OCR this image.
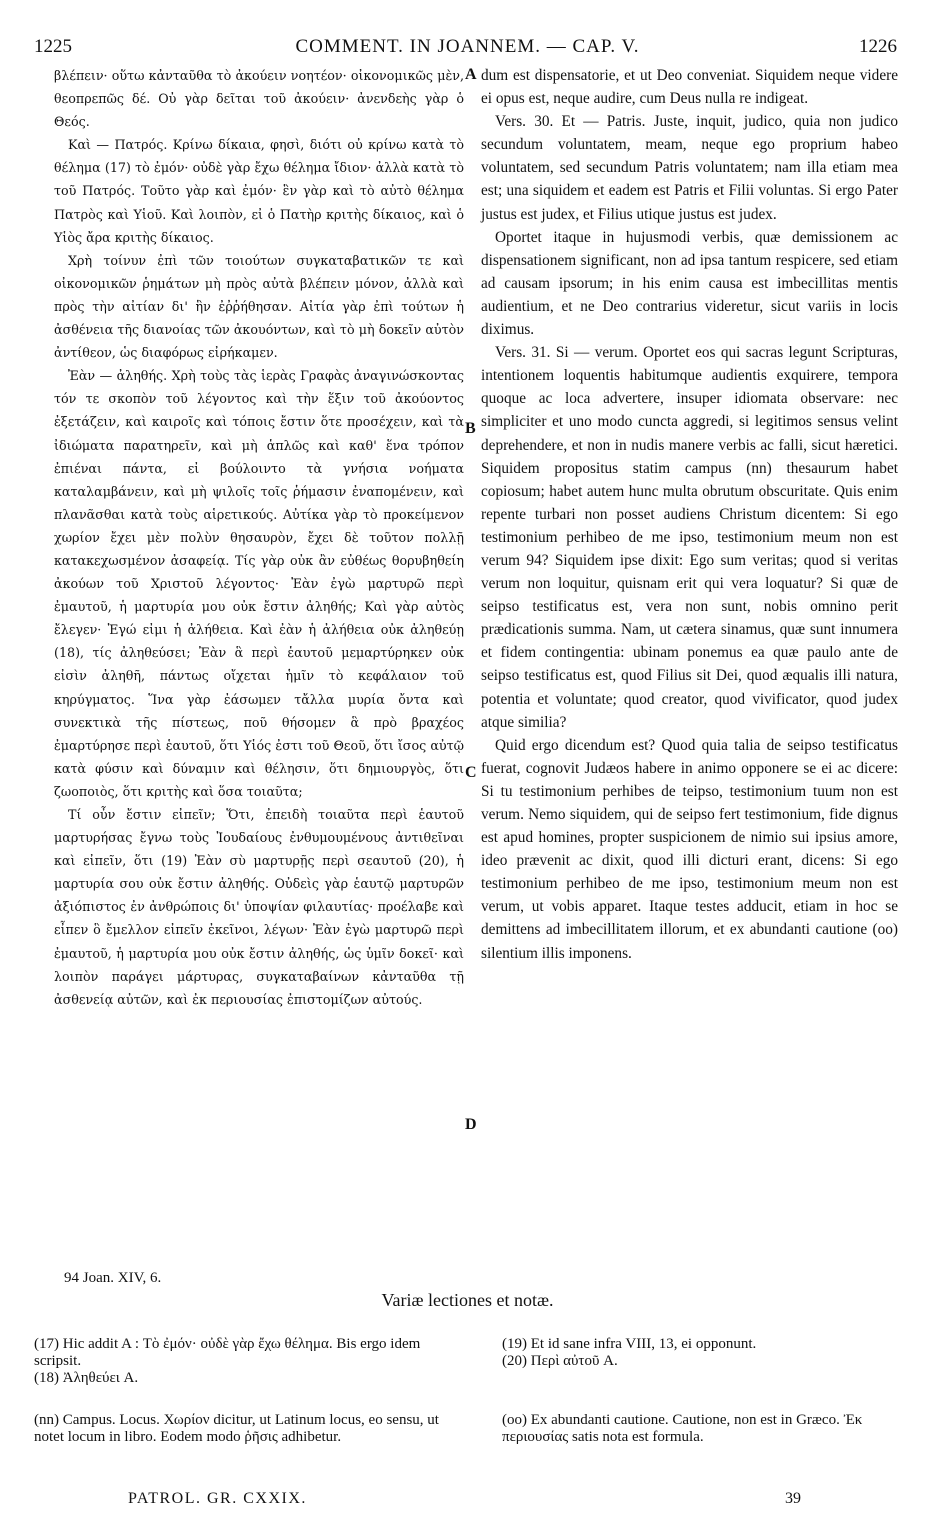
1225	COMMENT. IN JOANNEM. — CAP. V.	1226

βλέπειν· οὕτω κἀνταῦθα τὸ ἀκούειν νοητέον· οἰκονομικῶς μὲν, θεοπρεπῶς δέ. Οὐ γὰρ δεῖται τοῦ ἀκούειν· ἀνενδεὴς γὰρ ὁ Θεός.

Καὶ — Πατρός. Κρίνω δίκαια, φησὶ, διότι οὐ κρίνω κατὰ τὸ θέλημα (17) τὸ ἐμόν· οὐδὲ γὰρ ἔχω θέλημα ἴδιον· ἀλλὰ κατὰ τὸ τοῦ Πατρός. Τοῦτο γὰρ καὶ ἐμόν· ἓν γὰρ καὶ τὸ αὐτὸ θέλημα Πατρὸς καὶ Υἱοῦ. Καὶ λοιπὸν, εἰ ὁ Πατὴρ κριτὴς δίκαιος, καὶ ὁ Υἱὸς ἄρα κριτὴς δίκαιος.

Χρὴ τοίνυν ἐπὶ τῶν τοιούτων συγκαταβατικῶν τε καὶ οἰκονομικῶν ῥημάτων μὴ πρὸς αὐτὰ βλέπειν μόνον, ἀλλὰ καὶ πρὸς τὴν αἰτίαν δι' ἣν ἐῤῥήθησαν. Αἰτία γὰρ ἐπὶ τούτων ἡ ἀσθένεια τῆς διανοίας τῶν ἀκουόντων, καὶ τὸ μὴ δοκεῖν αὐτὸν ἀντίθεον, ὡς διαφόρως εἰρήκαμεν.

Ἐὰν — ἀληθής. Χρὴ τοὺς τὰς ἱερὰς Γραφὰς ἀναγινώσκοντας τόν τε σκοπὸν τοῦ λέγοντος καὶ τὴν ἕξιν τοῦ ἀκούοντος ἐξετάζειν, καὶ καιροῖς καὶ τόποις ἔστιν ὅτε προσέχειν, καὶ τὰ ἰδιώματα παρατηρεῖν, καὶ μὴ ἁπλῶς καὶ καθ' ἕνα τρόπον ἐπιέναι πάντα, εἰ βούλοιντο τὰ γνήσια νοήματα καταλαμβάνειν, καὶ μὴ ψιλοῖς τοῖς ῥήμασιν ἐναπομένειν, καὶ πλανᾶσθαι κατὰ τοὺς αἱρετικούς. Αὐτίκα γὰρ τὸ προκείμενον χωρίον ἔχει μὲν πολὺν θησαυρὸν, ἔχει δὲ τοῦτον πολλῇ κατακεχωσμένον ἀσαφείᾳ. Τίς γὰρ οὐκ ἂν εὐθέως θορυβηθείη ἀκούων τοῦ Χριστοῦ λέγοντος· Ἐὰν ἐγὼ μαρτυρῶ περὶ ἐμαυτοῦ, ἡ μαρτυρία μου οὐκ ἔστιν ἀληθής; Καὶ γὰρ αὐτὸς ἔλεγεν· Ἐγώ εἰμι ἡ ἀλήθεια. Καὶ ἐὰν ἡ ἀλήθεια οὐκ ἀληθεύῃ (18), τίς ἀληθεύσει; Ἐὰν ἃ περὶ ἑαυτοῦ μεμαρτύρηκεν οὐκ εἰσὶν ἀληθῆ, πάντως οἴχεται ἡμῖν τὸ κεφάλαιον τοῦ κηρύγματος. Ἵνα γὰρ ἐάσωμεν τἄλλα μυρία ὄντα καὶ συνεκτικὰ τῆς πίστεως, ποῦ θήσομεν ἃ πρὸ βραχέος ἐμαρτύρησε περὶ ἑαυτοῦ, ὅτι Υἱός ἐστι τοῦ Θεοῦ, ὅτι ἴσος αὐτῷ κατὰ φύσιν καὶ δύναμιν καὶ θέλησιν, ὅτι δημιουργὸς, ὅτι ζωοποιὸς, ὅτι κριτὴς καὶ ὅσα τοιαῦτα;

Τί οὖν ἔστιν εἰπεῖν; Ὅτι, ἐπειδὴ τοιαῦτα περὶ ἑαυτοῦ μαρτυρήσας ἔγνω τοὺς Ἰουδαίους ἐνθυμουμένους ἀντιθεῖναι καὶ εἰπεῖν, ὅτι (19) Ἐὰν σὺ μαρτυρῇς περὶ σεαυτοῦ (20), ἡ μαρτυρία σου οὐκ ἔστιν ἀληθής. Οὐδεὶς γὰρ ἑαυτῷ μαρτυρῶν ἀξιόπιστος ἐν ἀνθρώποις δι' ὑποψίαν φιλαυτίας· προέλαβε καὶ εἶπεν ὃ ἔμελλον εἰπεῖν ἐκεῖνοι, λέγων· Ἐὰν ἐγὼ μαρτυρῶ περὶ ἐμαυτοῦ, ἡ μαρτυρία μου οὐκ ἔστιν ἀληθής, ὡς ὑμῖν δοκεῖ· καὶ λοιπὸν παράγει μάρτυρας, συγκαταβαίνων κἀνταῦθα τῇ ἀσθενείᾳ αὐτῶν, καὶ ἐκ περιουσίας ἐπιστομίζων αὐτούς.

A
B
C
D

dum est dispensatorie, et ut Deo conveniat. Siquidem neque videre ei opus est, neque audire, cum Deus nulla re indigeat.

Vers. 30. Et — Patris. Juste, inquit, judico, quia non judico secundum voluntatem, meam, neque ego proprium habeo voluntatem, sed secundum Patris voluntatem; nam illa etiam mea est; una siquidem et eadem est Patris et Filii voluntas. Si ergo Pater justus est judex, et Filius utique justus est judex.

Oportet itaque in hujusmodi verbis, quæ demissionem ac dispensationem significant, non ad ipsa tantum respicere, sed etiam ad causam ipsorum; in his enim causa est imbecillitas mentis audientium, et ne Deo contrarius videretur, sicut variis in locis diximus.

Vers. 31. Si — verum. Oportet eos qui sacras legunt Scripturas, intentionem loquentis habitumque audientis exquirere, tempora quoque ac loca advertere, insuper idiomata observare: nec simpliciter et uno modo cuncta aggredi, si legitimos sensus velint deprehendere, et non in nudis manere verbis ac falli, sicut hæretici. Siquidem propositus statim campus (nn) thesaurum habet copiosum; habet autem hunc multa obrutum obscuritate. Quis enim repente turbari non posset audiens Christum dicentem: Si ego testimonium perhibeo de me ipso, testimonium meum non est verum 94? Siquidem ipse dixit: Ego sum veritas; quod si veritas verum non loquitur, quisnam erit qui vera loquatur? Si quæ de seipso testificatus est, vera non sunt, nobis omnino perit prædicationis summa. Nam, ut cætera sinamus, quæ sunt innumera et fidem contingentia: ubinam ponemus ea quæ paulo ante de seipso testificatus est, quod Filius sit Dei, quod æqualis illi natura, potentia et voluntate; quod creator, quod vivificator, quod judex atque similia?

Quid ergo dicendum est? Quod quia talia de seipso testificatus fuerat, cognovit Judæos habere in animo opponere se ei ac dicere: Si tu testimonium perhibes de teipso, testimonium tuum non est verum. Nemo siquidem, qui de seipso fert testimonium, fide dignus est apud homines, propter suspicionem de nimio sui ipsius amore, ideo prævenit ac dixit, quod illi dicturi erant, dicens: Si ego testimonium perhibeo de me ipso, testimonium meum non est verum, ut vobis apparet. Itaque testes adducit, etiam in hoc se demittens ad imbecillitatem illorum, et ex abundanti cautione (oo) silentium illis imponens.

94 Joan. XIV, 6.
Variæ lectiones et notæ.

(17) Hic addit A : Τὸ ἐμόν· οὐδὲ γὰρ ἔχω θέλημα. Bis ergo idem scripsit.

(18) Ἀληθεύει A.

(19) Et id sane infra VIII, 13, ei opponunt.

(20) Περὶ αὐτοῦ A.

(nn) Campus. Locus. Χωρίον dicitur, ut Latinum locus, eo sensu, ut notet locum in libro. Eodem modo ῥῆσις adhibetur.

(oo) Ex abundanti cautione. Cautione, non est in Græco. Ἐκ περιουσίας satis nota est formula.

PATROL. GR. CXXIX.	39
